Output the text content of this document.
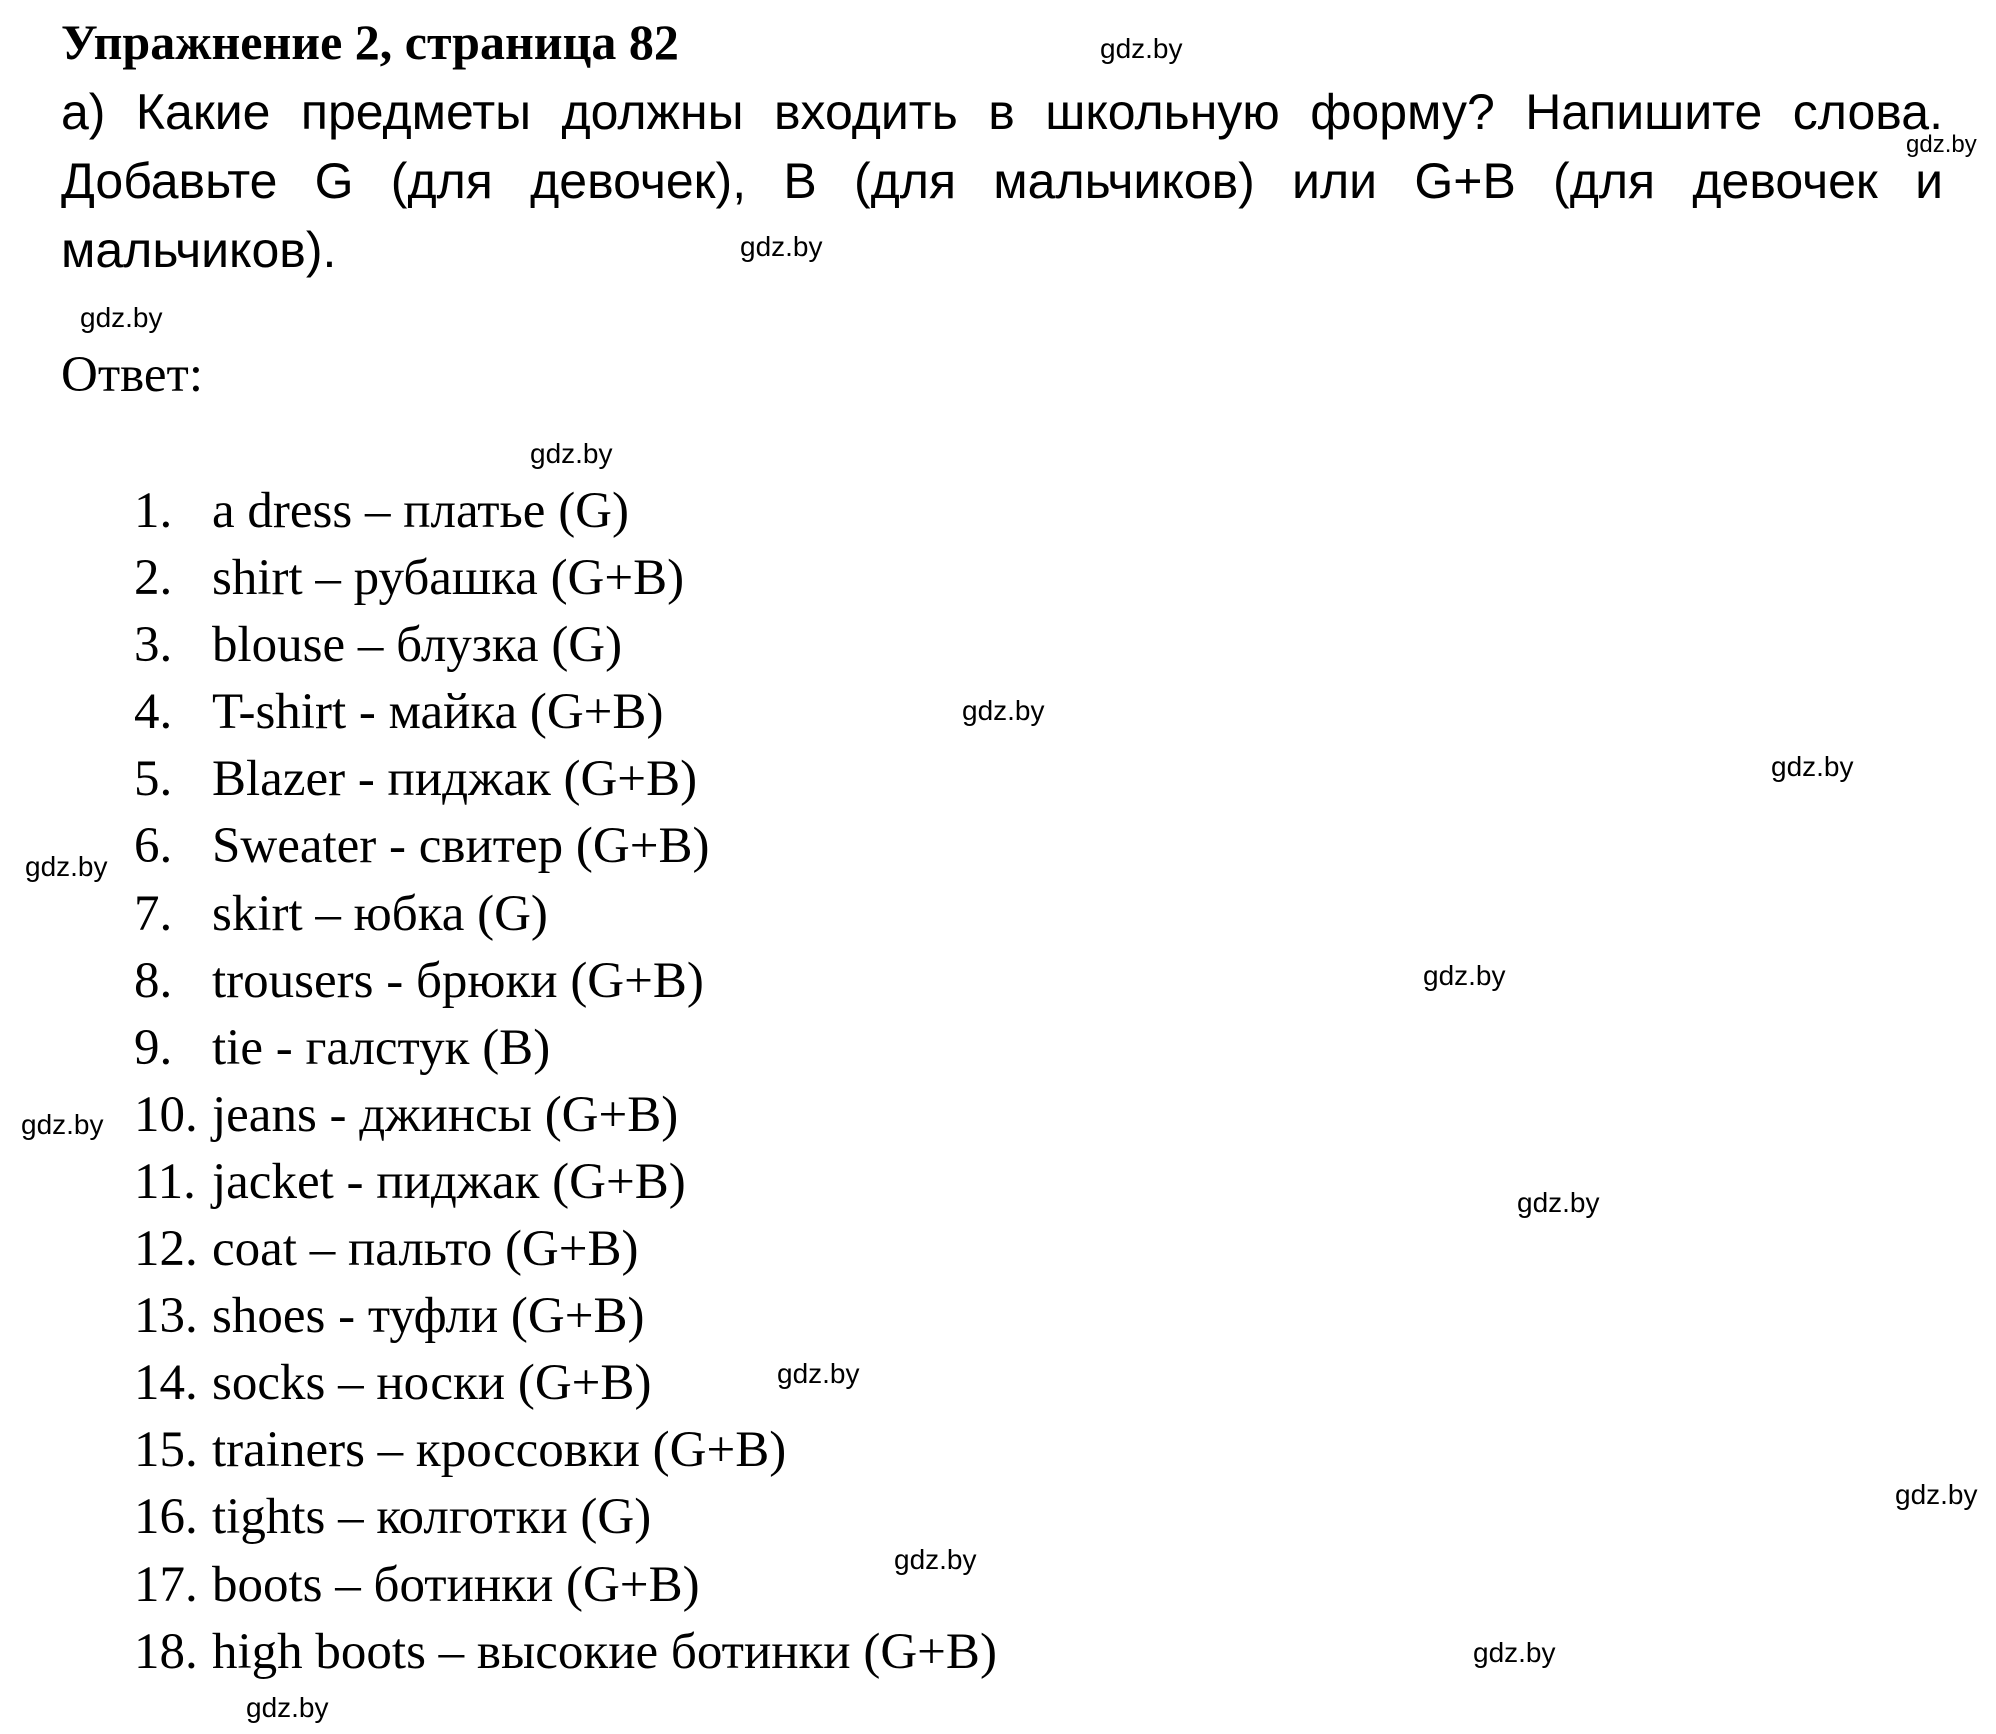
Упражнение 2, страница 82

а) Какие предметы должны входить в школьную форму? Напишите слова. Добавьте G (для девочек), B (для мальчиков) или G+B (для девочек и мальчиков).

Ответ:
1. a dress – платье (G)
2. shirt – рубашка (G+B)
3. blouse – блузка (G)
4. T-shirt - майка (G+B)
5. Blazer - пиджак (G+B)
6. Sweater - свитер (G+B)
7. skirt – юбка (G)
8. trousers - брюки (G+B)
9. tie - галстук (B)
10. jeans - джинсы (G+B)
11. jacket - пиджак (G+B)
12. coat – пальто (G+B)
13. shoes - туфли (G+B)
14. socks – носки (G+B)
15. trainers – кроссовки (G+B)
16. tights – колготки (G)
17. boots – ботинки (G+B)
18. high boots – высокие ботинки (G+B)
gdz.by
gdz.by
gdz.by
gdz.by
gdz.by
gdz.by
gdz.by
gdz.by
gdz.by
gdz.by
gdz.by
gdz.by
gdz.by
gdz.by
gdz.by
gdz.by
